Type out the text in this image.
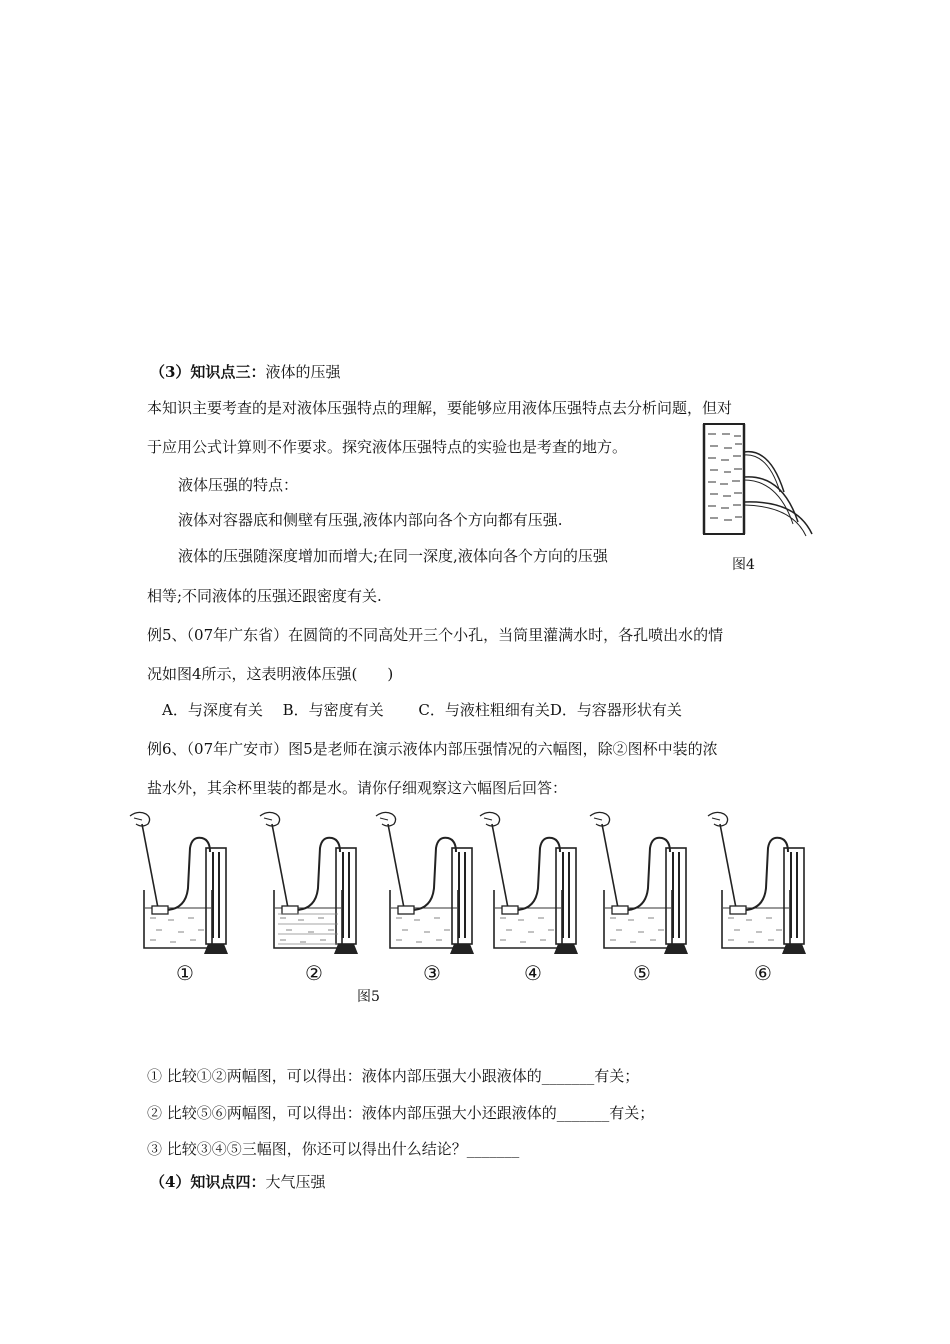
（3）知识点三：液体的压强
本知识主要考查的是对液体压强特点的理解，要能够应用液体压强特点去分析问题，但对
于应用公式计算则不作要求。探究液体压强特点的实验也是考查的地方。
液体压强的特点：
液体对容器底和侧壁有压强,液体内部向各个方向都有压强.
液体的压强随深度增加而增大;在同一深度,液体向各个方向的压强
相等;不同液体的压强还跟密度有关.
图4
例5、（07年广东省）在圆筒的不同高处开三个小孔，当筒里灌满水时，各孔喷出水的情
况如图4所示，这表明液体压强(　　)
　A．与深度有关　 B．与密度有关　　 C．与液柱粗细有关D．与容器形状有关
例6、（07年广安市）图5是老师在演示液体内部压强情况的六幅图，除②图杯中装的浓
盐水外，其余杯里装的都是水。请你仔细观察这六幅图后回答：
①	②	③	④	⑤	⑥
图5
① 比较①②两幅图，可以得出：液体内部压强大小跟液体的_______有关；
② 比较⑤⑥两幅图，可以得出：液体内部压强大小还跟液体的_______有关；
③ 比较③④⑤三幅图，你还可以得出什么结论？_______
（4）知识点四：大气压强
